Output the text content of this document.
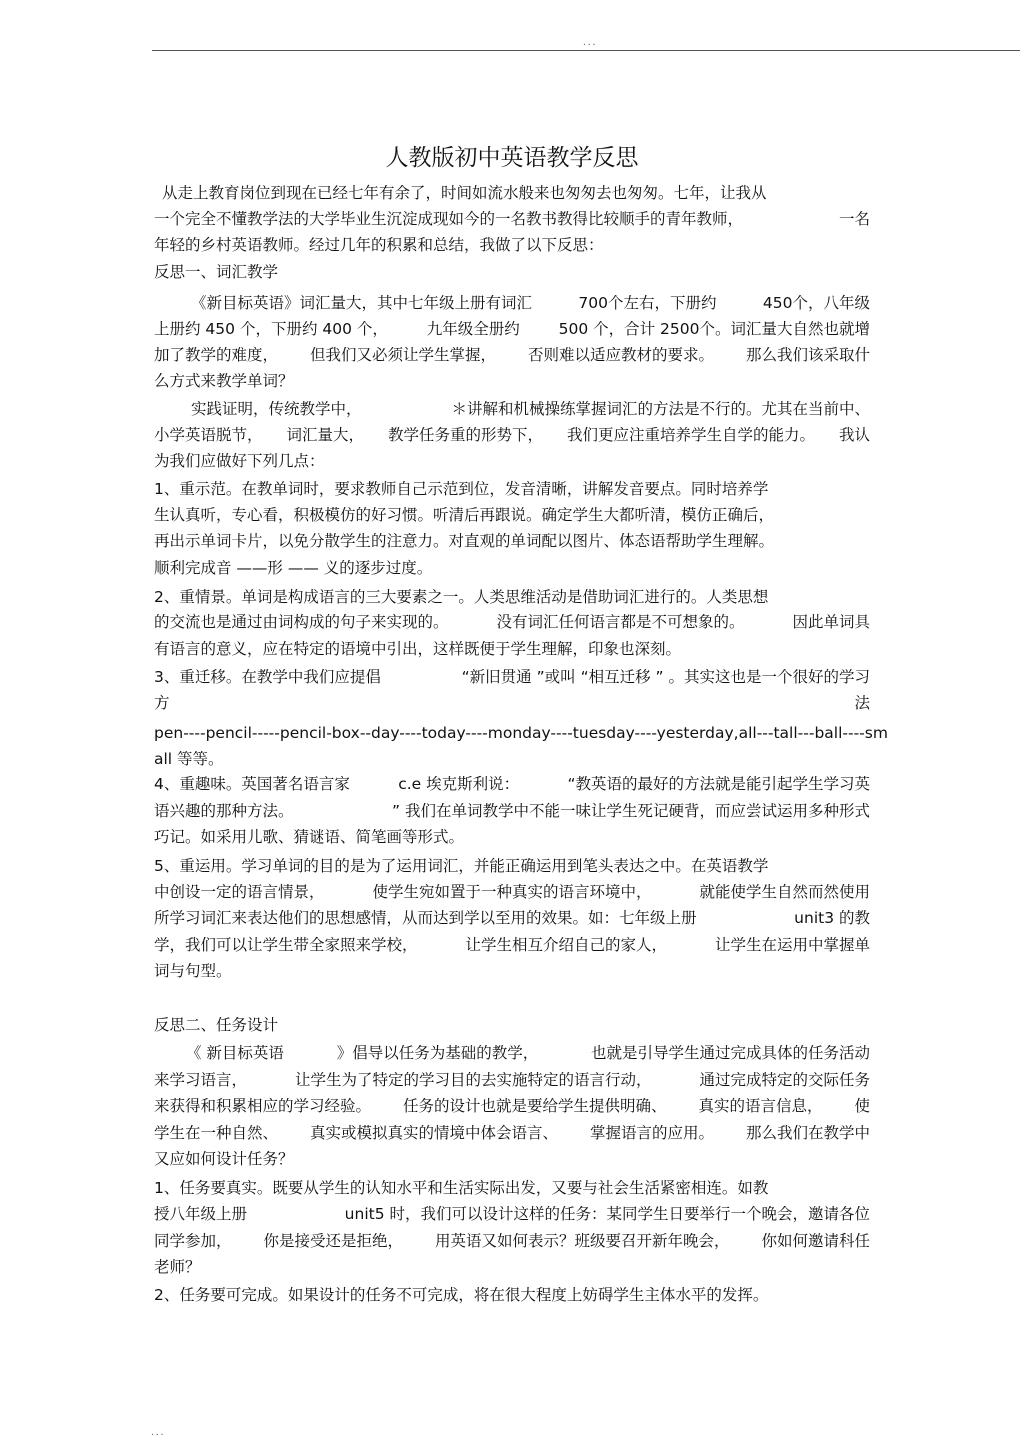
...
人教版初中英语教学反思
从走上教育岗位到现在已经七年有余了，时间如流水般来也匆匆去也匆匆。七年，让我从
一个完全不懂教学法的大学毕业生沉淀成现如今的一名教书教得比较顺手的青年教师，	一名
年轻的乡村英语教师。经过几年的积累和总结，我做了以下反思：
反思一、词汇教学
《新目标英语》词汇量大，其中七年级上册有词汇	700个左右，下册约	450个，八年级
上册约 450 个，下册约 400 个，	九年级全册约	500 个，合计 2500个。词汇量大自然也就增
加了教学的难度， 但我们又必须让学生掌握， 否则难以适应教材的要求。 那么我们该采取什
么方式来教学单词？
实践证明，传统教学中，	＊讲解和机械操练掌握词汇的方法是不行的。尤其在当前中、
小学英语脱节， 词汇量大， 教学任务重的形势下， 我们更应注重培养学生自学的能力。 我认
为我们应做好下列几点：
1、重示范。在教单词时，要求教师自己示范到位，发音清晰，讲解发音要点。同时培养学
生认真听，专心看，积极模仿的好习惯。听清后再跟说。确定学生大都听清，模仿正确后，
再出示单词卡片，以免分散学生的注意力。对直观的单词配以图片、体态语帮助学生理解。
顺利完成音 ——形 —— 义的逐步过度。
2、重情景。单词是构成语言的三大要素之一。人类思维活动是借助词汇进行的。人类思想
的交流也是通过由词构成的句子来实现的。	没有词汇任何语言都是不可想象的。	因此单词具
有语言的意义，应在特定的语境中引出，这样既便于学生理解，印象也深刻。
3、重迁移。在教学中我们应提倡	“新旧贯通 ”或叫 “相互迁移 ” 。其实这也是一个很好的学习
方	法
pen----pencil-----pencil-box--day----today----monday----tuesday----yesterday,all---tall---ball----sm
all 等等。
4、重趣味。英国著名语言家	c.e 埃克斯利说：	“教英语的最好的方法就是能引起学生学习英
语兴趣的那种方法。	” 我们在单词教学中不能一味让学生死记硬背，而应尝试运用多种形式
巧记。如采用儿歌、猜谜语、简笔画等形式。
5、重运用。学习单词的目的是为了运用词汇，并能正确运用到笔头表达之中。在英语教学
中创设一定的语言情景，	使学生宛如置于一种真实的语言环境中，	就能使学生自然而然使用
所学习词汇来表达他们的思想感情，从而达到学以至用的效果。如：七年级上册	unit3 的教
学，我们可以让学生带全家照来学校，	让学生相互介绍自己的家人，	让学生在运用中掌握单
词与句型。
反思二、任务设计
《 新目标英语	》倡导以任务为基础的教学，	也就是引导学生通过完成具体的任务活动
来学习语言，	让学生为了特定的学习目的去实施特定的语言行动，	通过完成特定的交际任务
来获得和积累相应的学习经验。 任务的设计也就是要给学生提供明确、 真实的语言信息， 使
学生在一种自然、 真实或模拟真实的情境中体会语言、 掌握语言的应用。 那么我们在教学中
又应如何设计任务？
1、任务要真实。既要从学生的认知水平和生活实际出发，又要与社会生活紧密相连。如教
授八年级上册	unit5 时，我们可以设计这样的任务：某同学生日要举行一个晚会，邀请各位
同学参加， 你是接受还是拒绝， 用英语又如何表示？班级要召开新年晚会， 你如何邀请科任
老师？
2、任务要可完成。如果设计的任务不可完成，将在很大程度上妨碍学生主体水平的发挥。
...
